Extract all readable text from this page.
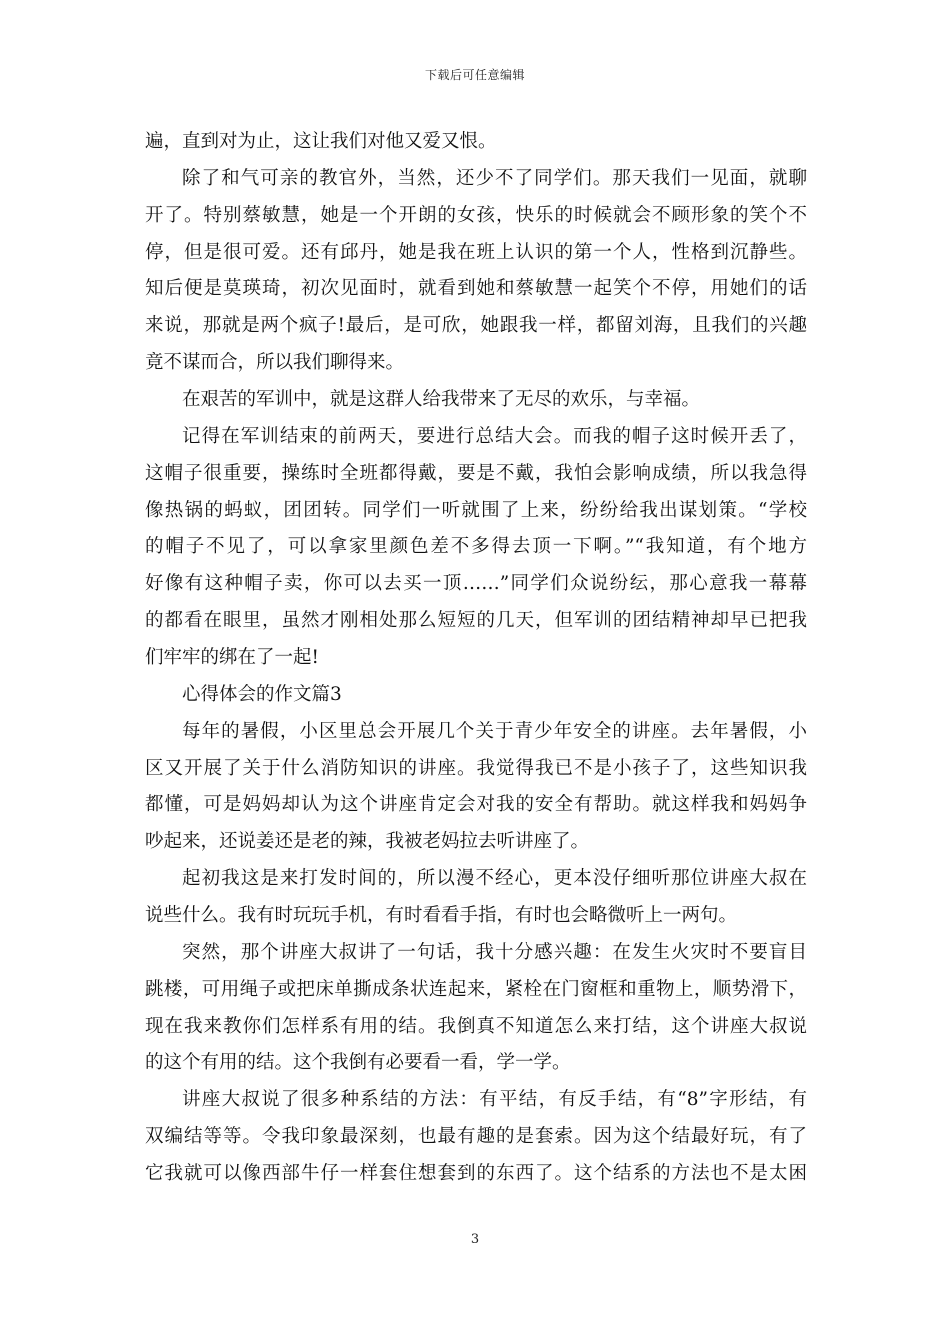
下载后可任意编辑
遍，直到对为止，这让我们对他又爱又恨。
除了和气可亲的教官外，当然，还少不了同学们。那天我们一见面，就聊
开了。特别蔡敏慧，她是一个开朗的女孩，快乐的时候就会不顾形象的笑个不
停，但是很可爱。还有邱丹，她是我在班上认识的第一个人，性格到沉静些。
知后便是莫瑛琦，初次见面时，就看到她和蔡敏慧一起笑个不停，用她们的话
来说，那就是两个疯子!最后，是可欣，她跟我一样，都留刘海，且我们的兴趣
竟不谋而合，所以我们聊得来。
在艰苦的军训中，就是这群人给我带来了无尽的欢乐，与幸福。
记得在军训结束的前两天，要进行总结大会。而我的帽子这时候开丢了，
这帽子很重要，操练时全班都得戴，要是不戴，我怕会影响成绩，所以我急得
像热锅的蚂蚁，团团转。同学们一听就围了上来，纷纷给我出谋划策。“学校
的帽子不见了，可以拿家里颜色差不多得去顶一下啊。”“我知道，有个地方
好像有这种帽子卖，你可以去买一顶……”同学们众说纷纭，那心意我一幕幕
的都看在眼里，虽然才刚相处那么短短的几天，但军训的团结精神却早已把我
们牢牢的绑在了一起!
心得体会的作文篇3
每年的暑假，小区里总会开展几个关于青少年安全的讲座。去年暑假，小
区又开展了关于什么消防知识的讲座。我觉得我已不是小孩子了，这些知识我
都懂，可是妈妈却认为这个讲座肯定会对我的安全有帮助。就这样我和妈妈争
吵起来，还说姜还是老的辣，我被老妈拉去听讲座了。
起初我这是来打发时间的，所以漫不经心，更本没仔细听那位讲座大叔在
说些什么。我有时玩玩手机，有时看看手指，有时也会略微听上一两句。
突然，那个讲座大叔讲了一句话，我十分感兴趣：在发生火灾时不要盲目
跳楼，可用绳子或把床单撕成条状连起来，紧栓在门窗框和重物上，顺势滑下，
现在我来教你们怎样系有用的结。我倒真不知道怎么来打结，这个讲座大叔说
的这个有用的结。这个我倒有必要看一看，学一学。
讲座大叔说了很多种系结的方法：有平结，有反手结，有“8”字形结，有
双编结等等。令我印象最深刻，也最有趣的是套索。因为这个结最好玩，有了
它我就可以像西部牛仔一样套住想套到的东西了。这个结系的方法也不是太困
3
